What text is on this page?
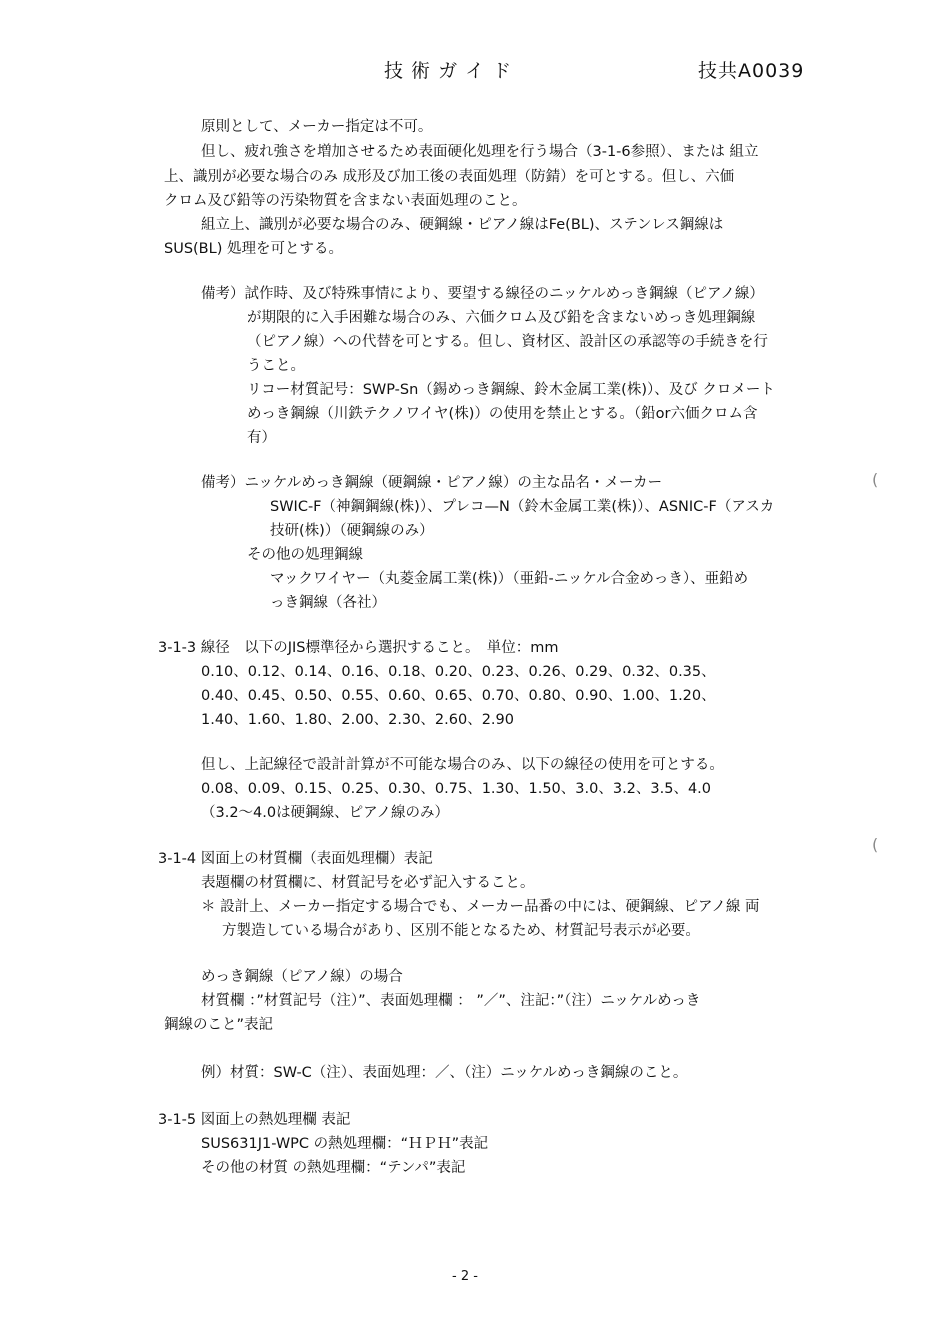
技 術 ガ イ ド	技共A0039
原則として、メーカー指定は不可。
但し、疲れ強さを増加させるため表面硬化処理を行う場合（3-1-6参照）、または 組立
上、識別が必要な場合のみ 成形及び加工後の表面処理（防錆）を可とする。但し、六価
クロム及び鉛等の汚染物質を含まない表面処理のこと。
組立上、識別が必要な場合のみ、硬鋼線・ピアノ線はFe(BL)、ステンレス鋼線は
SUS(BL) 処理を可とする。
備考）試作時、及び特殊事情により、要望する線径のニッケルめっき鋼線（ピアノ線）
が期限的に入手困難な場合のみ、六価クロム及び鉛を含まないめっき処理鋼線
（ピアノ線）への代替を可とする。但し、資材区、設計区の承認等の手続きを行
うこと。
リコー材質記号：SWP-Sn（錫めっき鋼線、鈴木金属工業(株)）、及び クロメート
めっき鋼線（川鉄テクノワイヤ(株)）の使用を禁止とする。（鉛or六価クロム含
有）
備考）ニッケルめっき鋼線（硬鋼線・ピアノ線）の主な品名・メーカー
SWIC-F（神鋼鋼線(株)）、プレコ—N（鈴木金属工業(株)）、ASNIC-F（アスカ
技研(株)）（硬鋼線のみ）
その他の処理鋼線
マックワイヤー（丸菱金属工業(株)）（亜鉛-ニッケル合金めっき）、亜鉛め
っき鋼線（各社）
3-1-3 線径　以下のJIS標準径から選択すること。　単位：mm
0.10、0.12、0.14、0.16、0.18、0.20、0.23、0.26、0.29、0.32、0.35、
0.40、0.45、0.50、0.55、0.60、0.65、0.70、0.80、0.90、1.00、1.20、
1.40、1.60、1.80、2.00、2.30、2.60、2.90
但し、上記線径で設計計算が不可能な場合のみ、以下の線径の使用を可とする。
0.08、0.09、0.15、0.25、0.30、0.75、1.30、1.50、3.0、3.2、3.5、4.0
（3.2〜4.0は硬鋼線、ピアノ線のみ）
3-1-4 図面上の材質欄（表面処理欄）表記
表題欄の材質欄に、材質記号を必ず記入すること。
＊ 設計上、メーカー指定する場合でも、メーカー品番の中には、硬鋼線、ピアノ線 両
方製造している場合があり、区別不能となるため、材質記号表示が必要。
めっき鋼線（ピアノ線）の場合
材質欄 ：”材質記号（注）”、表面処理欄 ： ”／”、注記：”（注）ニッケルめっき
鋼線のこと”表記
例）材質：SW-C（注）、表面処理：／、（注）ニッケルめっき鋼線のこと。
3-1-5 図面上の熱処理欄 表記
SUS631J1-WPC の熱処理欄：“ＨＰＨ”表記
その他の材質 の熱処理欄：“テンパ”表記
- 2 -
(
(
